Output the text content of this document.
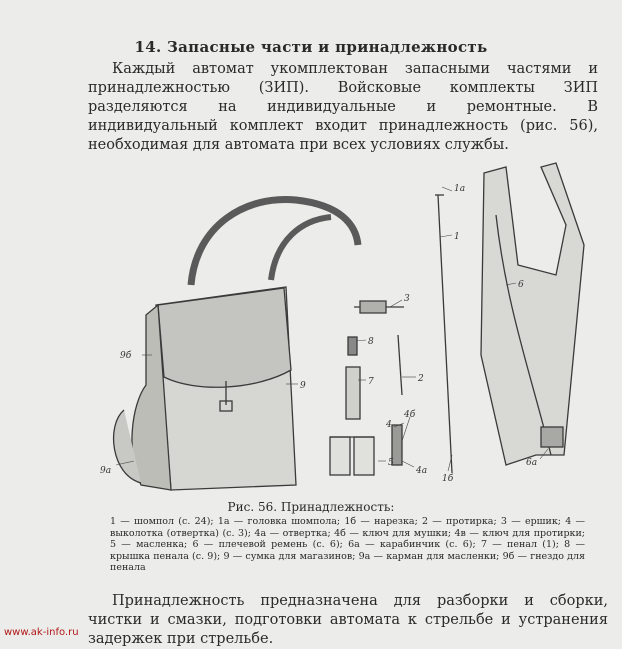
14. Запасные части и принадлежность
Каждый автомат укомплектован запасными частями и принадлежностью (ЗИП). Войсковые комплекты ЗИП разделяются на индивидуальные и ремонтные. В индивидуальный комплект входит принадлежность (рис. 56), необходимая для автомата при всех условиях службы.
1а
1
6
3
8
7	2
9б
9
4
4б
9а
5
4а
1б
6а
Рис. 56. Принадлежность:
1 — шомпол (с. 24); 1а — головка шомпола; 1б — нарезка; 2 — протирка; 3 — ершик; 4 — выколотка (отвертка) (с. 3); 4а — отвертка; 4б — ключ для мушки; 4в — ключ для протирки; 5 — масленка; 6 — плечевой ремень (с. 6); 6а — карабинчик (с. 6); 7 — пенал (1); 8 — крышка пенала (с. 9); 9 — сумка для магазинов; 9а — карман для масленки; 9б — гнездо для пенала
Принадлежность предназначена для разборки и сборки, чистки и смазки, подготовки автомата к стрельбе и устранения задержек при стрельбе.
www.ak-info.ru
